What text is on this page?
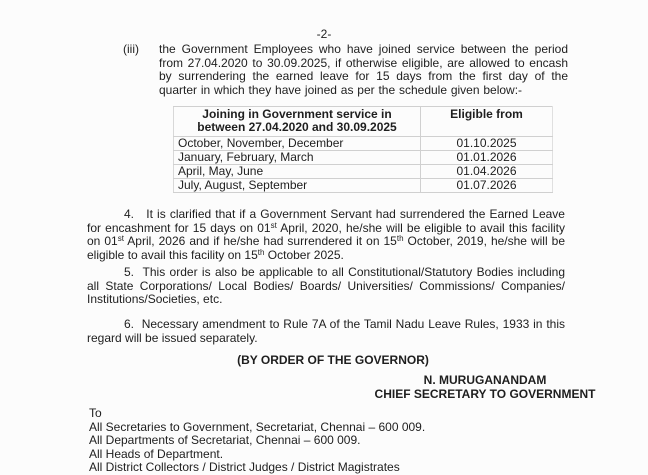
-2-
(iii) the Government Employees who have joined service between the period from 27.04.2020 to 30.09.2025, if otherwise eligible, are allowed to encash by surrendering the earned leave for 15 days from the first day of the quarter in which they have joined as per the schedule given below:-
Joining in Government service in
between 27.04.2020 and 30.09.2025	Eligible from
October, November, December	01.10.2025
January, February, March	01.01.2026
April, May, June	01.04.2026
July, August, September	01.07.2026
4. It is clarified that if a Government Servant had surrendered the Earned Leave for encashment for 15 days on 01st April, 2020, he/she will be eligible to avail this facility on 01st April, 2026 and if he/she had surrendered it on 15th October, 2019, he/she will be eligible to avail this facility on 15th October 2025.
5. This order is also be applicable to all Constitutional/Statutory Bodies including all State Corporations/ Local Bodies/ Boards/ Universities/ Commissions/ Companies/ Institutions/Societies, etc.
6. Necessary amendment to Rule 7A of the Tamil Nadu Leave Rules, 1933 in this regard will be issued separately.
(BY ORDER OF THE GOVERNOR)
N. MURUGANANDAM
CHIEF SECRETARY TO GOVERNMENT
To
All Secretaries to Government, Secretariat, Chennai – 600 009.
All Departments of Secretariat, Chennai – 600 009.
All Heads of Department.
All District Collectors / District Judges / District Magistrates
